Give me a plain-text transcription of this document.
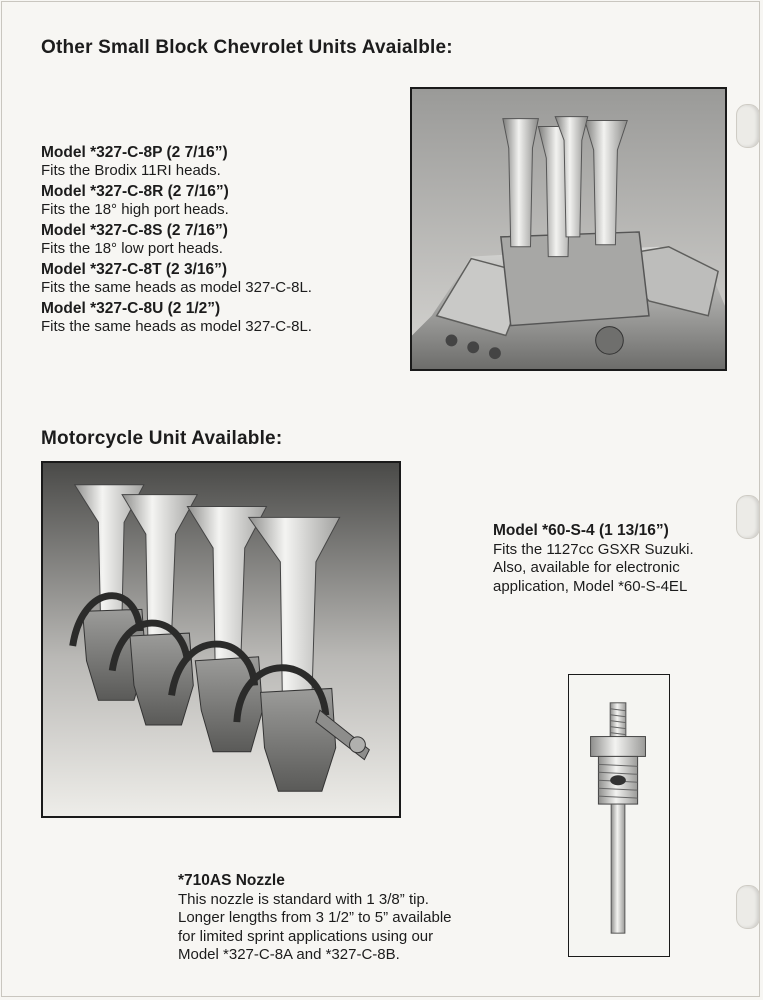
Other Small Block Chevrolet Units Avaialble:
Model *327-C-8P (2 7/16”)
Fits the Brodix 11RI heads.
Model *327-C-8R (2 7/16”)
Fits the 18° high port heads.
Model *327-C-8S (2 7/16”)
Fits the 18° low port heads.
Model *327-C-8T (2 3/16”)
Fits the same heads as model 327-C-8L.
Model *327-C-8U (2 1/2”)
Fits the same heads as model 327-C-8L.
Motorcycle Unit Available:
Model *60-S-4 (1 13/16”)
Fits the 1127cc GSXR Suzuki.
Also, available for electronic
application, Model *60-S-4EL
*710AS Nozzle
This nozzle is standard with 1 3/8” tip.
Longer lengths from 3 1/2” to 5” available
for limited sprint applications using our
Model *327-C-8A and *327-C-8B.
